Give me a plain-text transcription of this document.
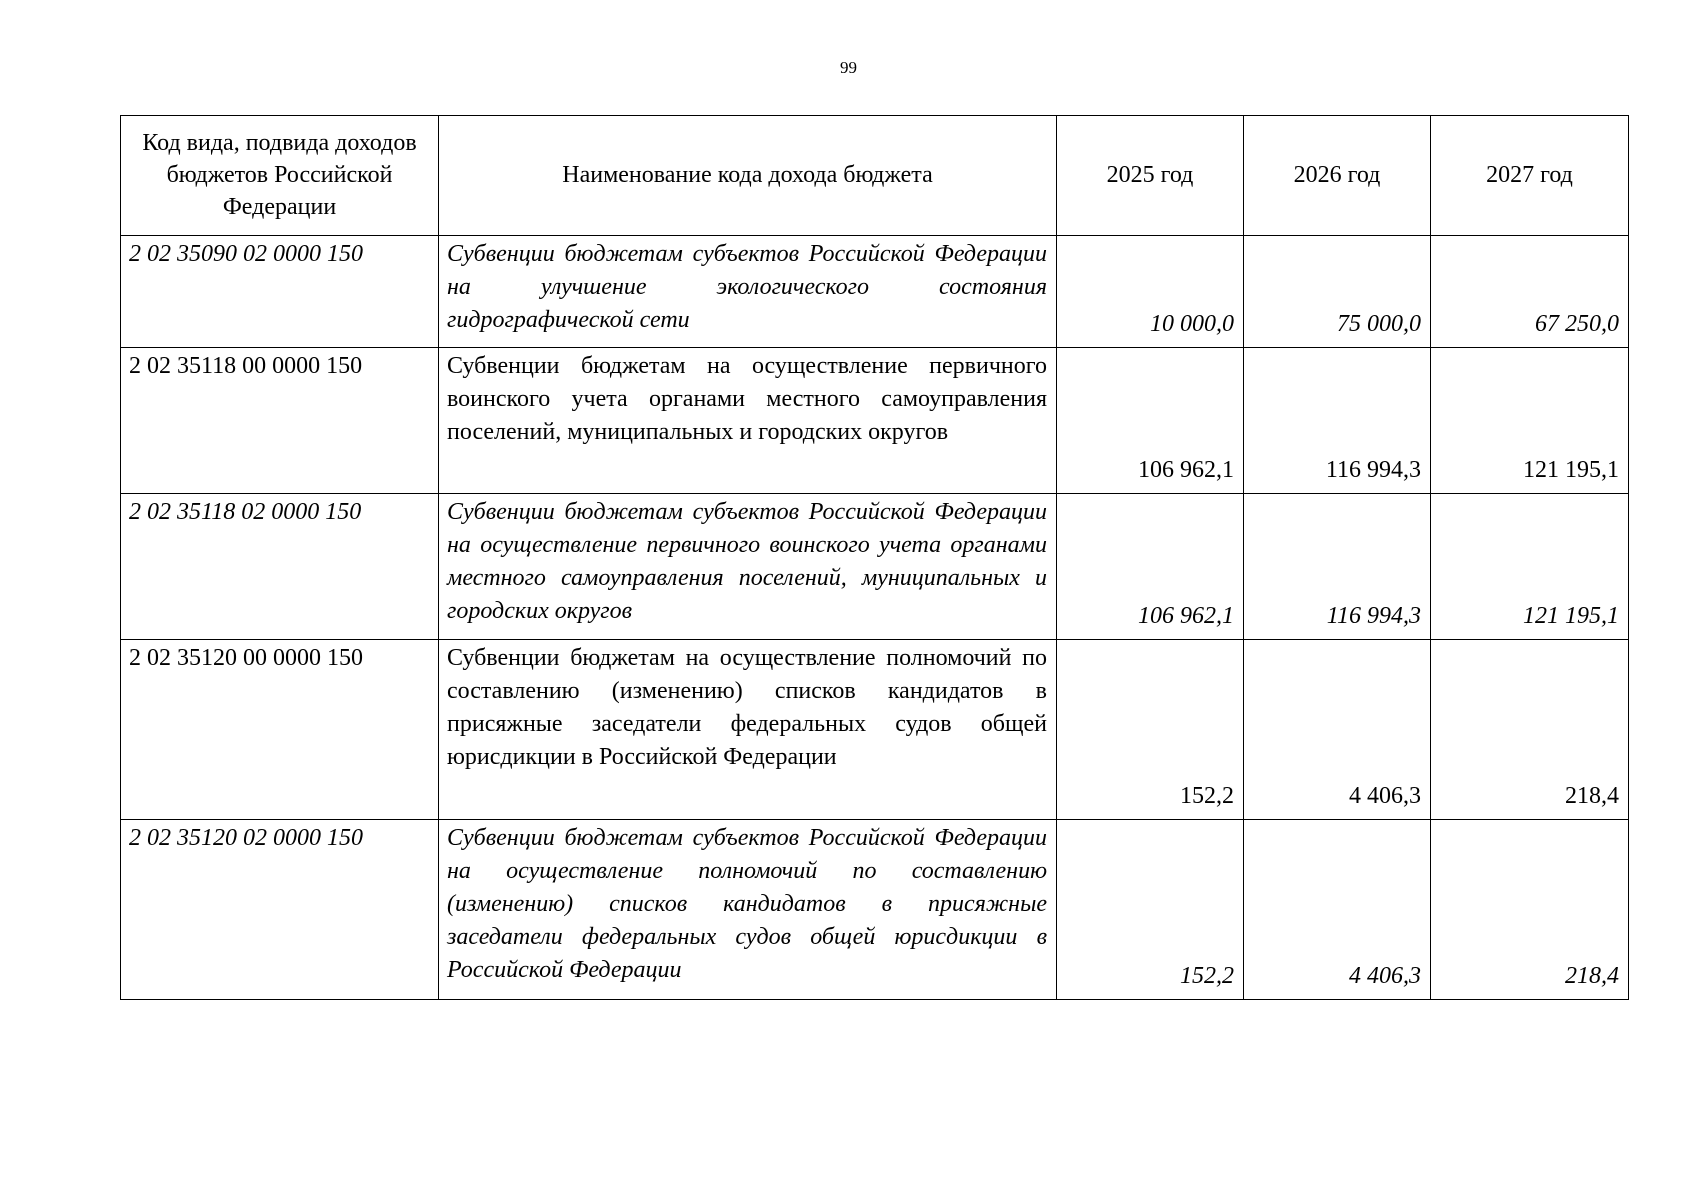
99
Код вида, подвида доходов бюджетов Российской Федерации	Наименование кода дохода бюджета	2025 год	2026 год	2027 год
2 02 35090 02 0000 150	Субвенции бюджетам субъектов Российской Федерации на улучшение экологического состояния гидрографической сети	10 000,0	75 000,0	67 250,0
2 02 35118 00 0000 150	Субвенции бюджетам на осуществление первичного воинского учета органами местного самоуправления поселений, муниципальных и городских округов	106 962,1	116 994,3	121 195,1
2 02 35118 02 0000 150	Субвенции бюджетам субъектов Российской Федерации на осуществление первичного воинского учета органами местного самоуправления поселений, муниципальных и городских округов	106 962,1	116 994,3	121 195,1
2 02 35120 00 0000 150	Субвенции бюджетам на осуществление полномочий по составлению (изменению) списков кандидатов в присяжные заседатели федеральных судов общей юрисдикции в Российской Федерации	152,2	4 406,3	218,4
2 02 35120 02 0000 150	Субвенции бюджетам субъектов Российской Федерации на осуществление полномочий по составлению (изменению) списков кандидатов в присяжные заседатели федеральных судов общей юрисдикции в Российской Федерации	152,2	4 406,3	218,4
